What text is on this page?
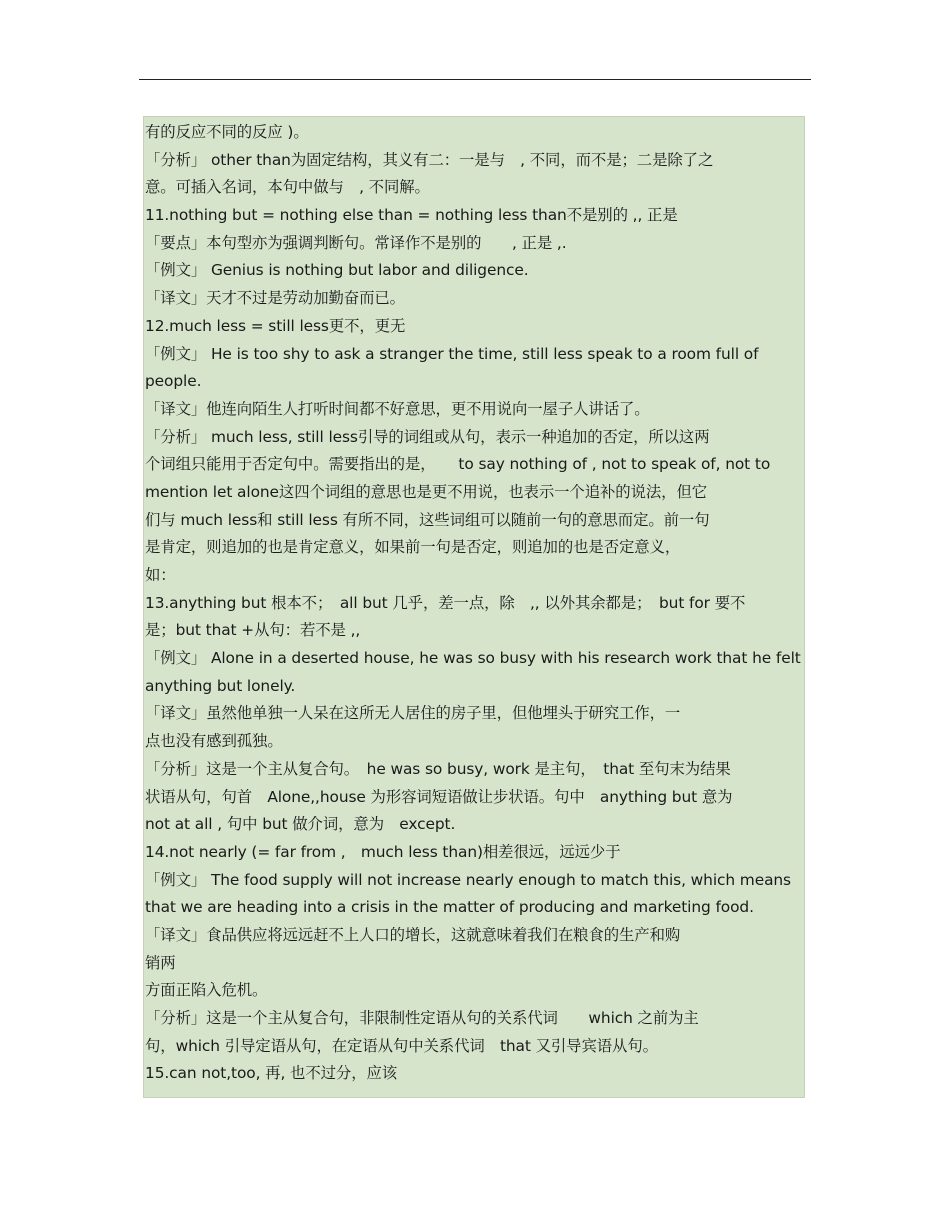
有的反应不同的反应 )。
「分析」 other than为固定结构，其义有二：一是与　, 不同，而不是；二是除了之
意。可插入名词，本句中做与　, 不同解。
11.nothing but = nothing else than = nothing less than不是别的 ,, 正是
「要点」本句型亦为强调判断句。常译作不是别的　　, 正是 ,.
「例文」 Genius is nothing but labor and diligence.
「译文」天才不过是劳动加勤奋而已。
12.much less = still less更不，更无
「例文」 He is too shy to ask a stranger the time, still less speak to a room full of
people.
「译文」他连向陌生人打听时间都不好意思，更不用说向一屋子人讲话了。
「分析」 much less, still less引导的词组或从句，表示一种追加的否定，所以这两
个词组只能用于否定句中。需要指出的是，　　to say nothing of , not to speak of, not to
mention let alone这四个词组的意思也是更不用说，也表示一个追补的说法，但它
们与 much less和 still less 有所不同，这些词组可以随前一句的意思而定。前一句
是肯定，则追加的也是肯定意义，如果前一句是否定，则追加的也是否定意义，
如：
13.anything but 根本不；　all but 几乎，差一点，除　,, 以外其余都是；　but for 要不
是；but that +从句：若不是 ,,
「例文」 Alone in a deserted house, he was so busy with his research work that he felt
anything but lonely.
「译文」虽然他单独一人呆在这所无人居住的房子里，但他埋头于研究工作，一
点也没有感到孤独。
「分析」这是一个主从复合句。　he was so busy, work 是主句，　that 至句末为结果
状语从句，句首　Alone,,house 为形容词短语做让步状语。句中　anything but 意为
not at all , 句中 but 做介词，意为　except.
14.not nearly (= far from ,　much less than)相差很远，远远少于
「例文」 The food supply will not increase nearly enough to match this, which means
that we are heading into a crisis in the matter of producing and marketing food.
「译文」食品供应将远远赶不上人口的增长，这就意味着我们在粮食的生产和购
销两
方面正陷入危机。
「分析」这是一个主从复合句，非限制性定语从句的关系代词　　which 之前为主
句，which 引导定语从句，在定语从句中关系代词　that 又引导宾语从句。
15.can not,too, 再, 也不过分，应该
